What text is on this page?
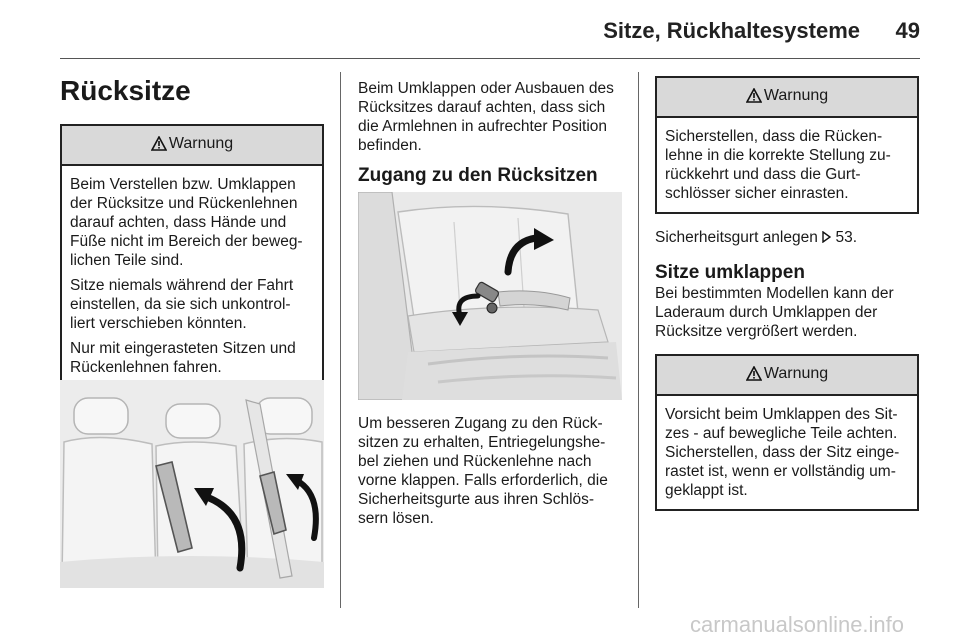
Sitze, Rückhaltesysteme	49
Rücksitze
Warnung

Beim Verstellen bzw. Umklappen
der Rücksitze und Rückenlehnen
darauf achten, dass Hände und
Füße nicht im Bereich der beweg-
lichen Teile sind.

Sitze niemals während der Fahrt
einstellen, da sie sich unkontrol-
liert verschieben könnten.

Nur mit eingerasteten Sitzen und
Rückenlehnen fahren.

Beim Umklappen oder Ausbauen des
Rücksitzes darauf achten, dass sich
die Armlehnen in aufrechter Position
befinden.

Zugang zu den Rücksitzen

Um besseren Zugang zu den Rück-
sitzen zu erhalten, Entriegelungshe-
bel ziehen und Rückenlehne nach
vorne klappen. Falls erforderlich, die
Sicherheitsgurte aus ihren Schlös-
sern lösen.

Warnung

Sicherstellen, dass die Rücken-
lehne in die korrekte Stellung zu-
rückkehrt und dass die Gurt-
schlösser sicher einrasten.

Sicherheitsgurt anlegen 53.

Sitze umklappen

Bei bestimmten Modellen kann der
Laderaum durch Umklappen der
Rücksitze vergrößert werden.

Warnung

Vorsicht beim Umklappen des Sit-
zes - auf bewegliche Teile achten.
Sicherstellen, dass der Sitz einge-
rastet ist, wenn er vollständig um-
geklappt ist.

carmanualsonline.info
